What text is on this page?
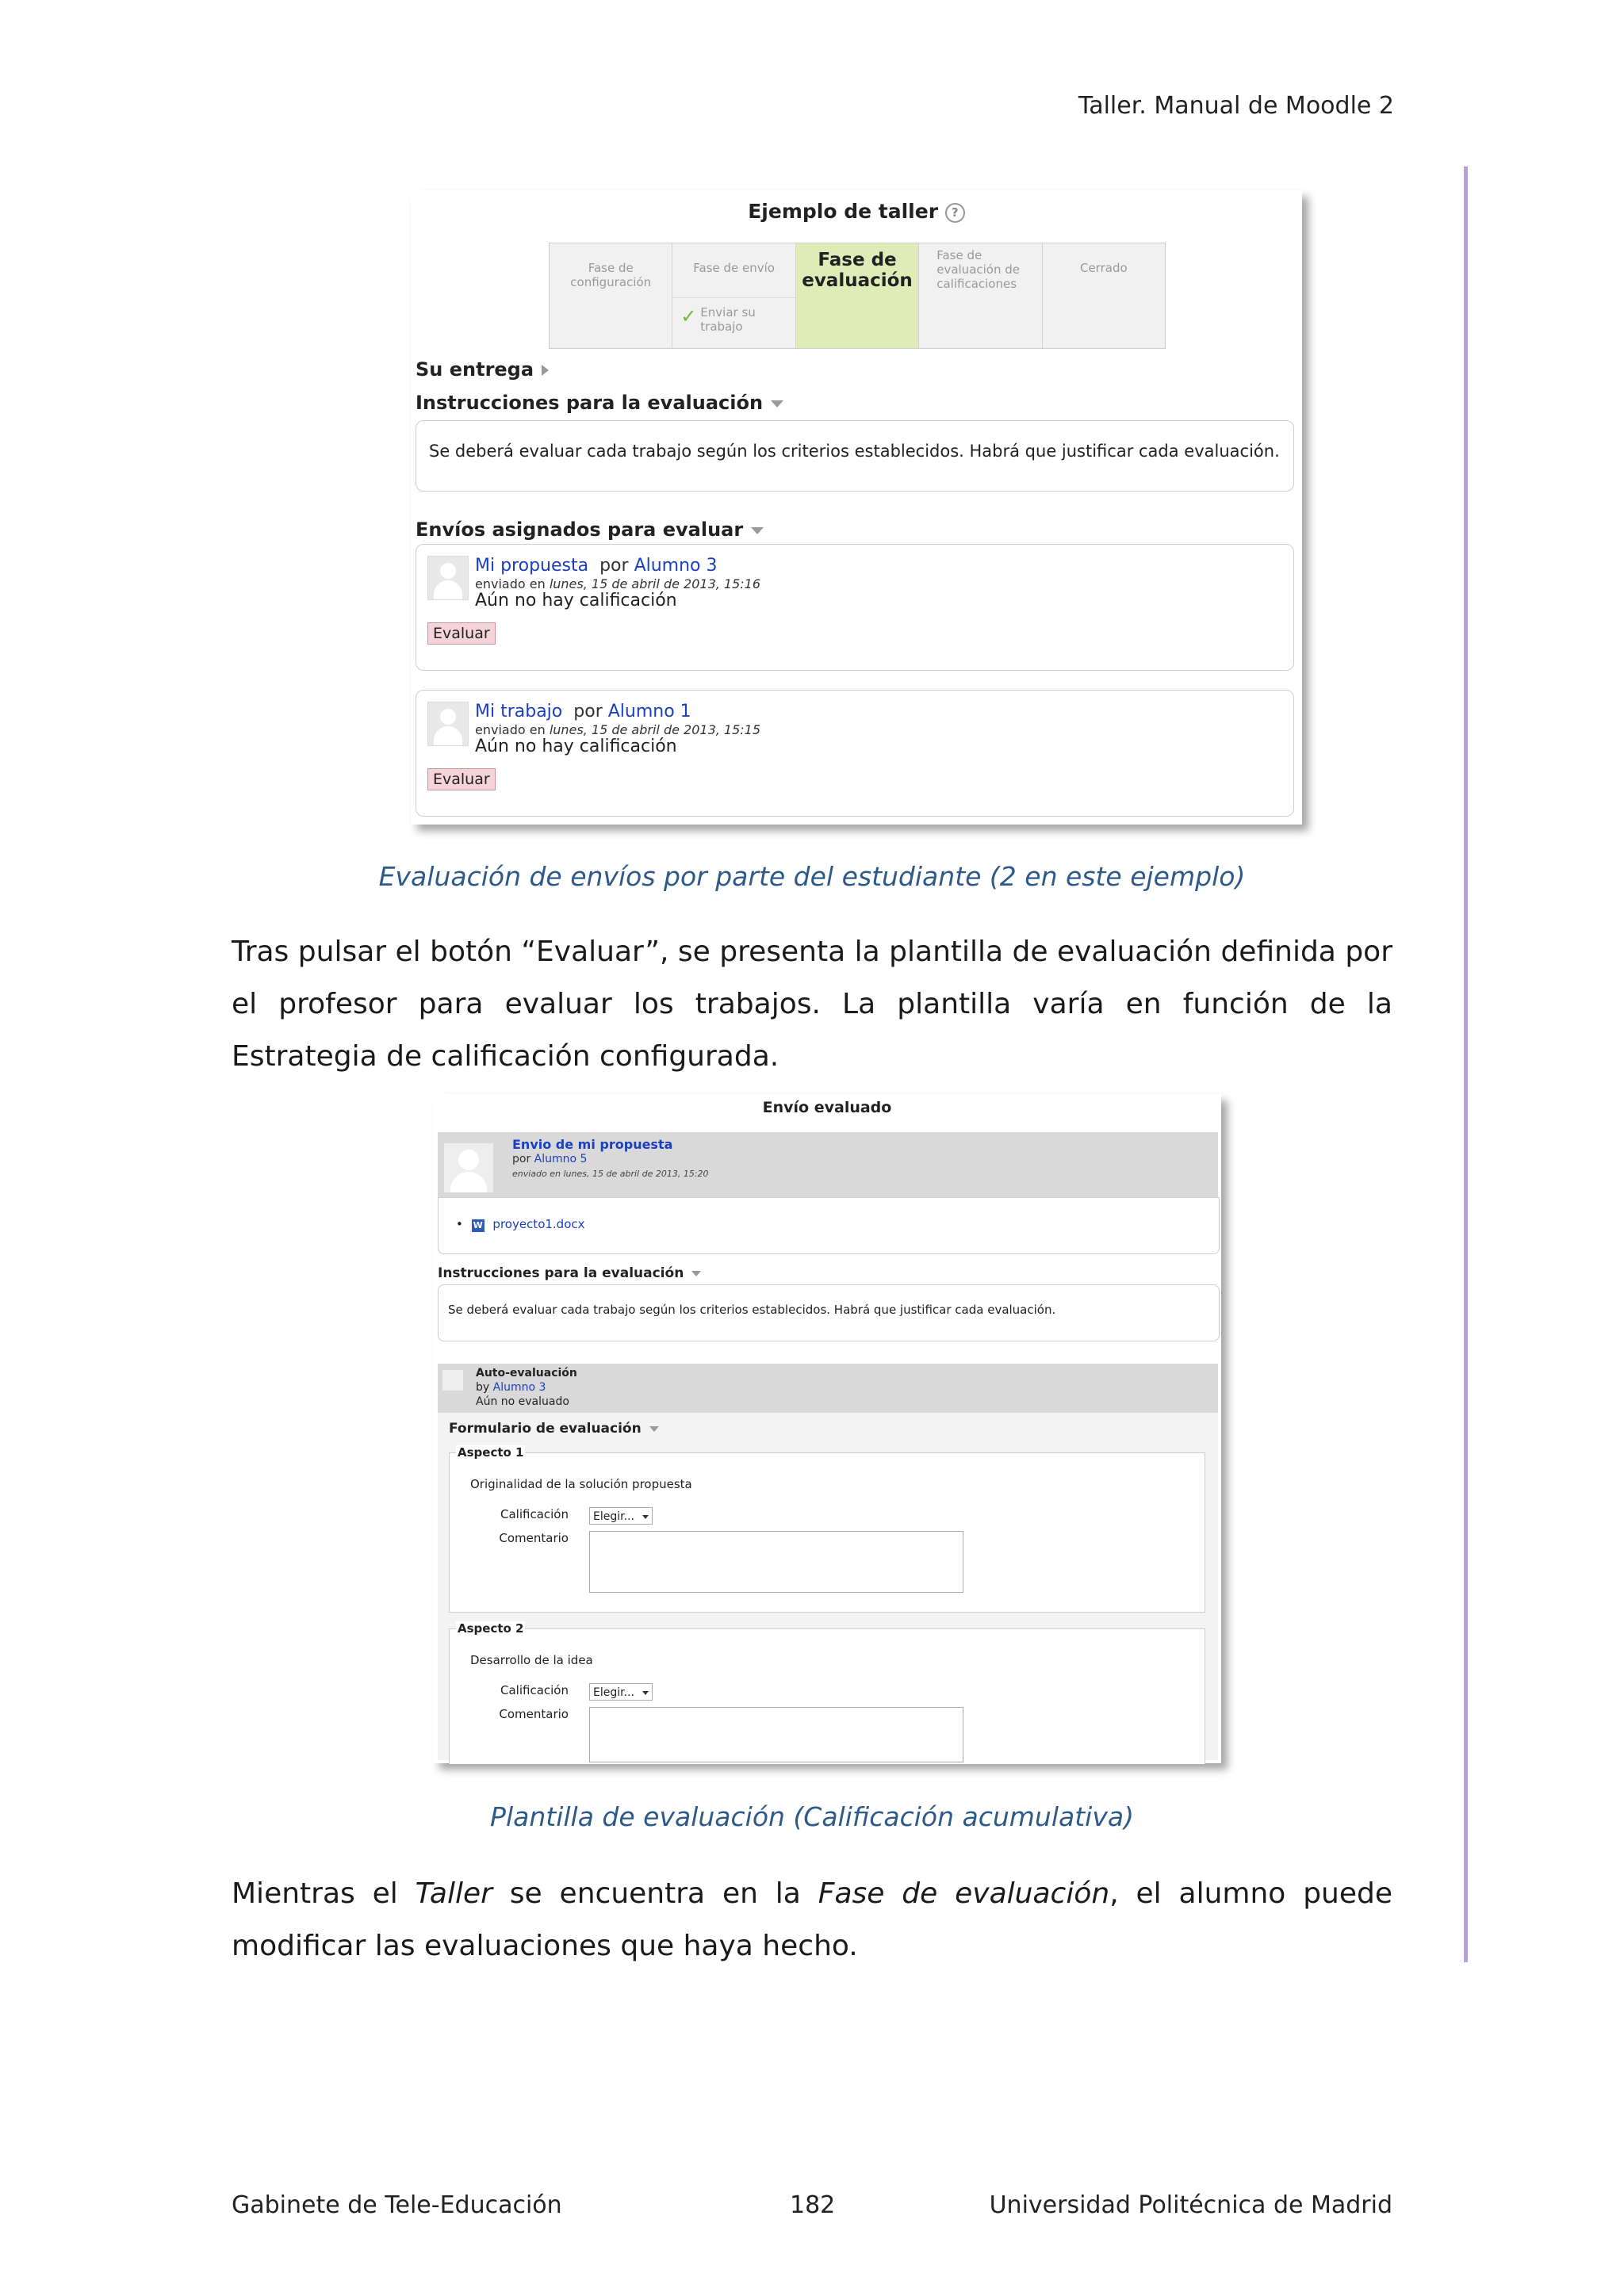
Taller. Manual de Moodle 2
Ejemplo de taller ?
Fase de configuración
Fase de envío
✓ Enviar su trabajo
Fase de evaluación
Fase de evaluación de calificaciones
Cerrado
Su entrega
Instrucciones para la evaluación
Se deberá evaluar cada trabajo según los criterios establecidos. Habrá que justificar cada evaluación.
Envíos asignados para evaluar
Mi propuesta por Alumno 3
enviado en lunes, 15 de abril de 2013, 15:16
Aún no hay calificación
Evaluar
Mi trabajo por Alumno 1
enviado en lunes, 15 de abril de 2013, 15:15
Aún no hay calificación
Evaluar
Evaluación de envíos por parte del estudiante (2 en este ejemplo)
Tras pulsar el botón “Evaluar”, se presenta la plantilla de evaluación definida por el profesor para evaluar los trabajos. La plantilla varía en función de la Estrategia de calificación configurada.
Envío evaluado
Envio de mi propuesta
por Alumno 5
enviado en lunes, 15 de abril de 2013, 15:20
• W proyecto1.docx
Instrucciones para la evaluación
Se deberá evaluar cada trabajo según los criterios establecidos. Habrá que justificar cada evaluación.
Auto-evaluación
by Alumno 3
Aún no evaluado
Formulario de evaluación
Aspecto 1
Originalidad de la solución propuesta
Calificación	Elegir...
Comentario
Aspecto 2
Desarrollo de la idea
Calificación	Elegir...
Comentario
Plantilla de evaluación (Calificación acumulativa)
Mientras el Taller se encuentra en la Fase de evaluación, el alumno puede modificar las evaluaciones que haya hecho.
Gabinete de Tele-Educación	182	Universidad Politécnica de Madrid
